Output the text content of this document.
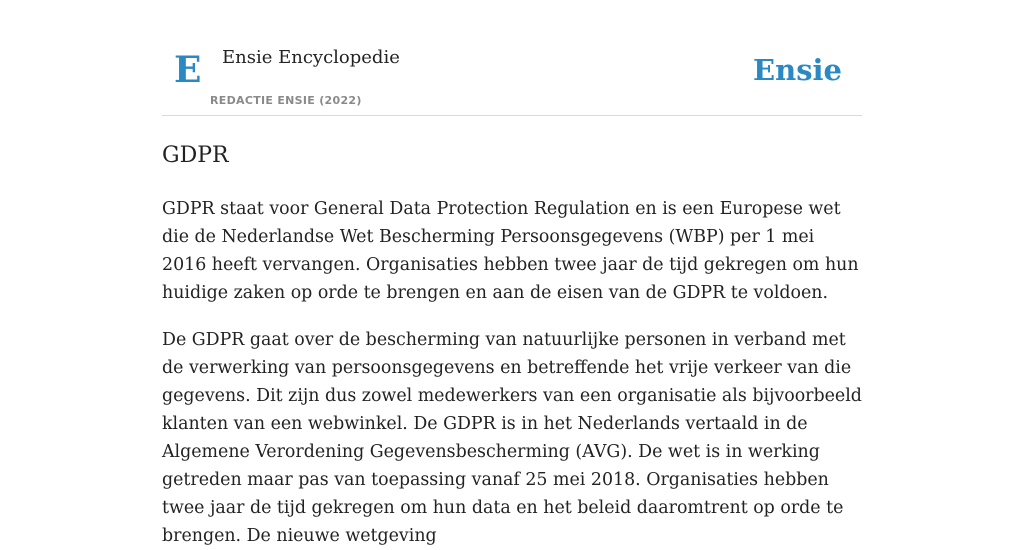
E Ensie Encyclopedie
REDACTIE ENSIE (2022)
Ensie
GDPR

GDPR staat voor General Data Protection Regulation en is een Europese wet die de Nederlandse Wet Bescherming Persoonsgegevens (WBP) per 1 mei 2016 heeft vervangen. Organisaties hebben twee jaar de tijd gekregen om hun huidige zaken op orde te brengen en aan de eisen van de GDPR te voldoen.

De GDPR gaat over de bescherming van natuurlijke personen in verband met de verwerking van persoonsgegevens en betreffende het vrije verkeer van die gegevens. Dit zijn dus zowel medewerkers van een organisatie als bijvoorbeeld klanten van een webwinkel. De GDPR is in het Nederlands vertaald in de Algemene Verordening Gegevensbescherming (AVG). De wet is in werking getreden maar pas van toepassing vanaf 25 mei 2018. Organisaties hebben twee jaar de tijd gekregen om hun data en het beleid daaromtrent op orde te brengen. De nieuwe wetgeving
